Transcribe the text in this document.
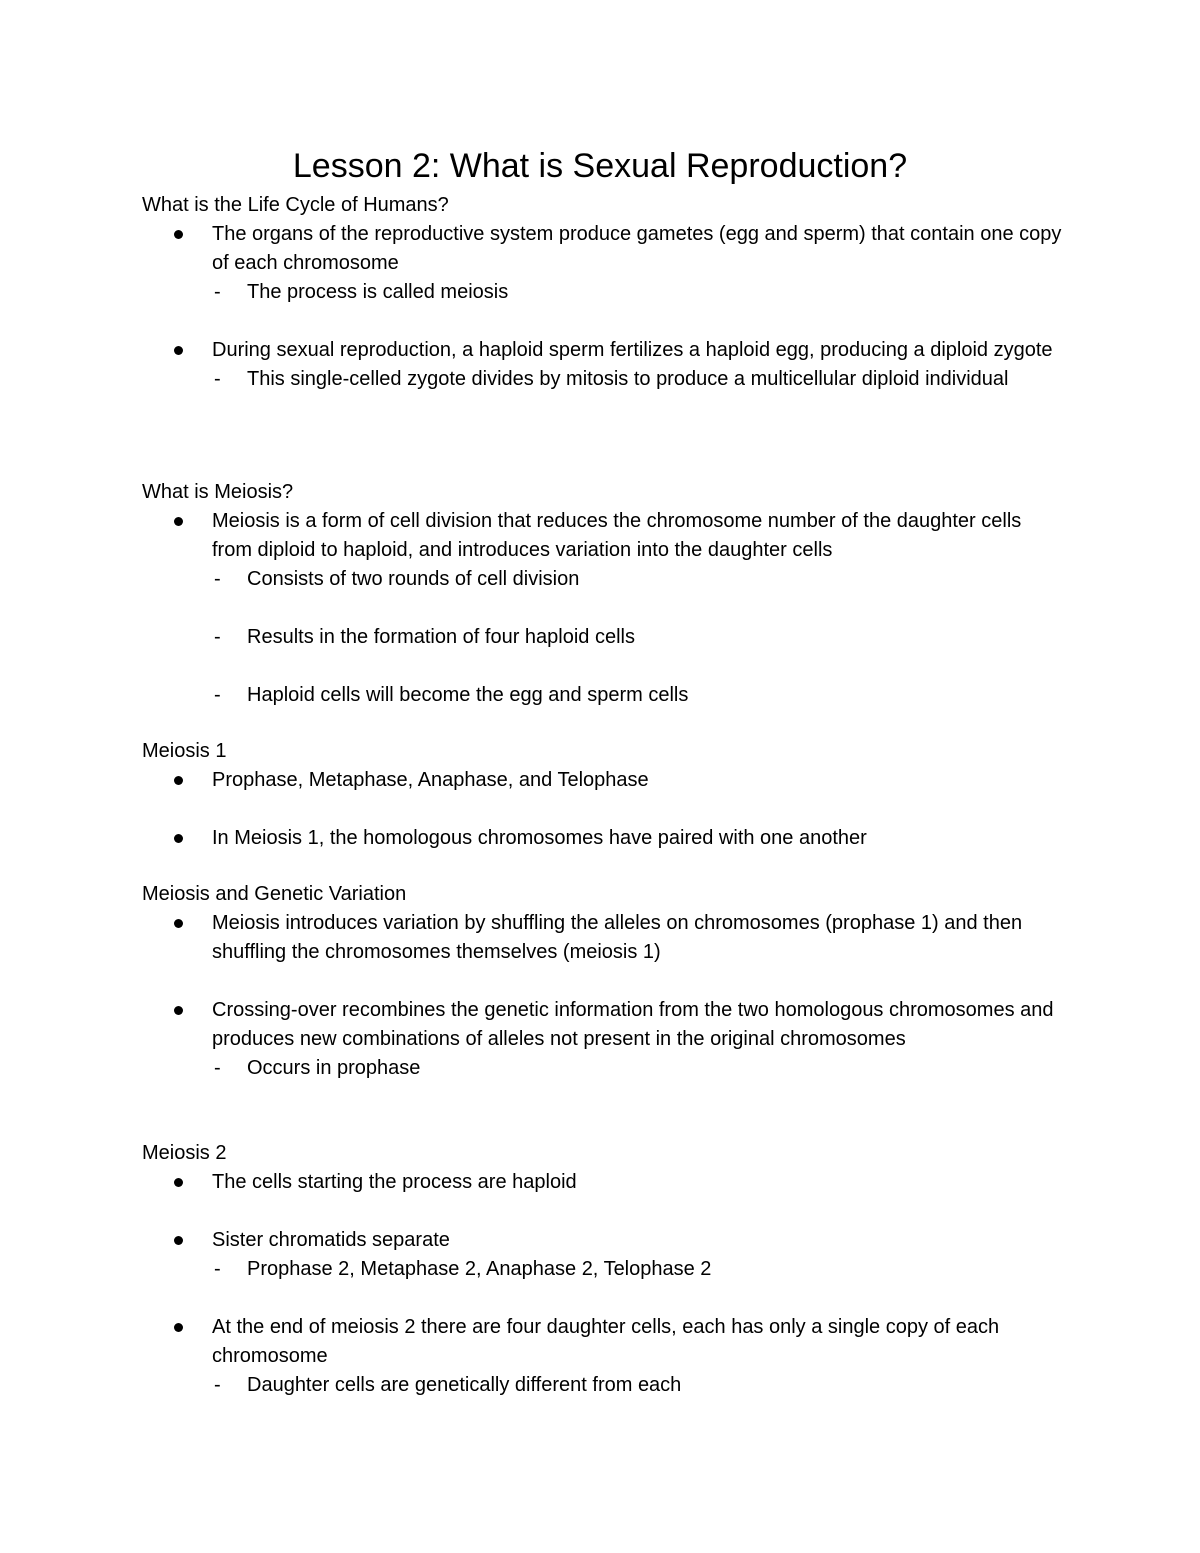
Lesson 2: What is Sexual Reproduction?
What is the Life Cycle of Humans?
The organs of the reproductive system produce gametes (egg and sperm) that contain one copy of each chromosome
- The process is called meiosis
During sexual reproduction, a haploid sperm fertilizes a haploid egg, producing a diploid zygote
- This single-celled zygote divides by mitosis to produce a multicellular diploid individual
What is Meiosis?
Meiosis is a form of cell division that reduces the chromosome number of the daughter cells from diploid to haploid, and introduces variation into the daughter cells
- Consists of two rounds of cell division
- Results in the formation of four haploid cells
- Haploid cells will become the egg and sperm cells
Meiosis 1
Prophase, Metaphase, Anaphase, and Telophase
In Meiosis 1, the homologous chromosomes have paired with one another
Meiosis and Genetic Variation
Meiosis introduces variation by shuffling the alleles on chromosomes (prophase 1) and then shuffling the chromosomes themselves (meiosis 1)
Crossing-over recombines the genetic information from the two homologous chromosomes and produces new combinations of alleles not present in the original chromosomes
- Occurs in prophase
Meiosis 2
The cells starting the process are haploid
Sister chromatids separate
- Prophase 2, Metaphase 2, Anaphase 2, Telophase 2
At the end of meiosis 2 there are four daughter cells, each has only a single copy of each chromosome
- Daughter cells are genetically different from each
